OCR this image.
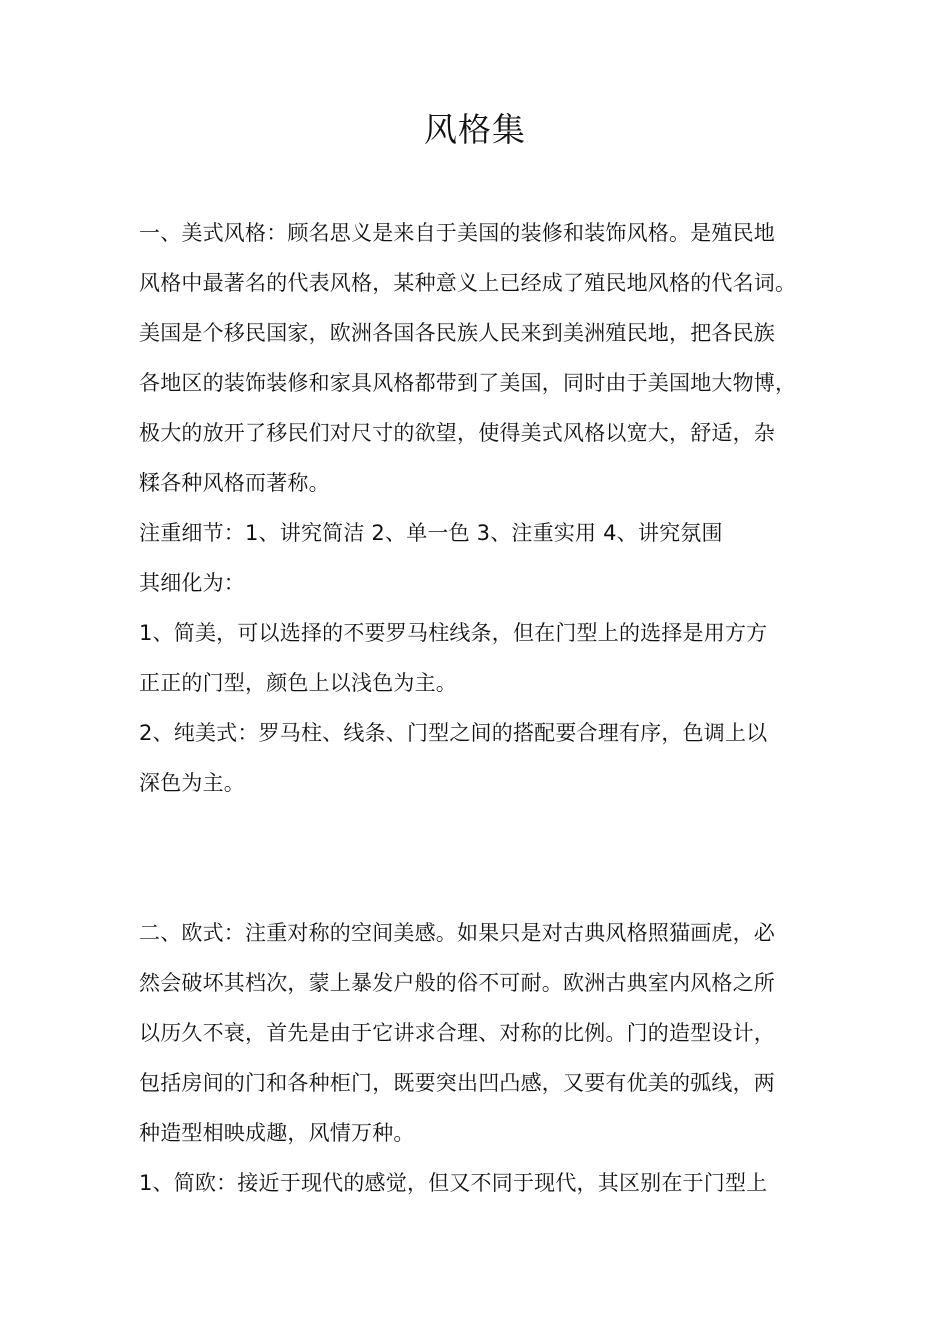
风格集
一、美式风格：顾名思义是来自于美国的装修和装饰风格。是殖民地
风格中最著名的代表风格，某种意义上已经成了殖民地风格的代名词。
美国是个移民国家，欧洲各国各民族人民来到美洲殖民地，把各民族
各地区的装饰装修和家具风格都带到了美国，同时由于美国地大物博，
极大的放开了移民们对尺寸的欲望，使得美式风格以宽大，舒适，杂
糅各种风格而著称。
注重细节：1、讲究简洁 2、单一色 3、注重实用 4、讲究氛围
其细化为：
1、简美，可以选择的不要罗马柱线条，但在门型上的选择是用方方
正正的门型，颜色上以浅色为主。
2、纯美式：罗马柱、线条、门型之间的搭配要合理有序，色调上以
深色为主。
二、欧式：注重对称的空间美感。如果只是对古典风格照猫画虎，必
然会破坏其档次，蒙上暴发户般的俗不可耐。欧洲古典室内风格之所
以历久不衰，首先是由于它讲求合理、对称的比例。门的造型设计，
包括房间的门和各种柜门，既要突出凹凸感，又要有优美的弧线，两
种造型相映成趣，风情万种。
1、简欧：接近于现代的感觉，但又不同于现代，其区别在于门型上
